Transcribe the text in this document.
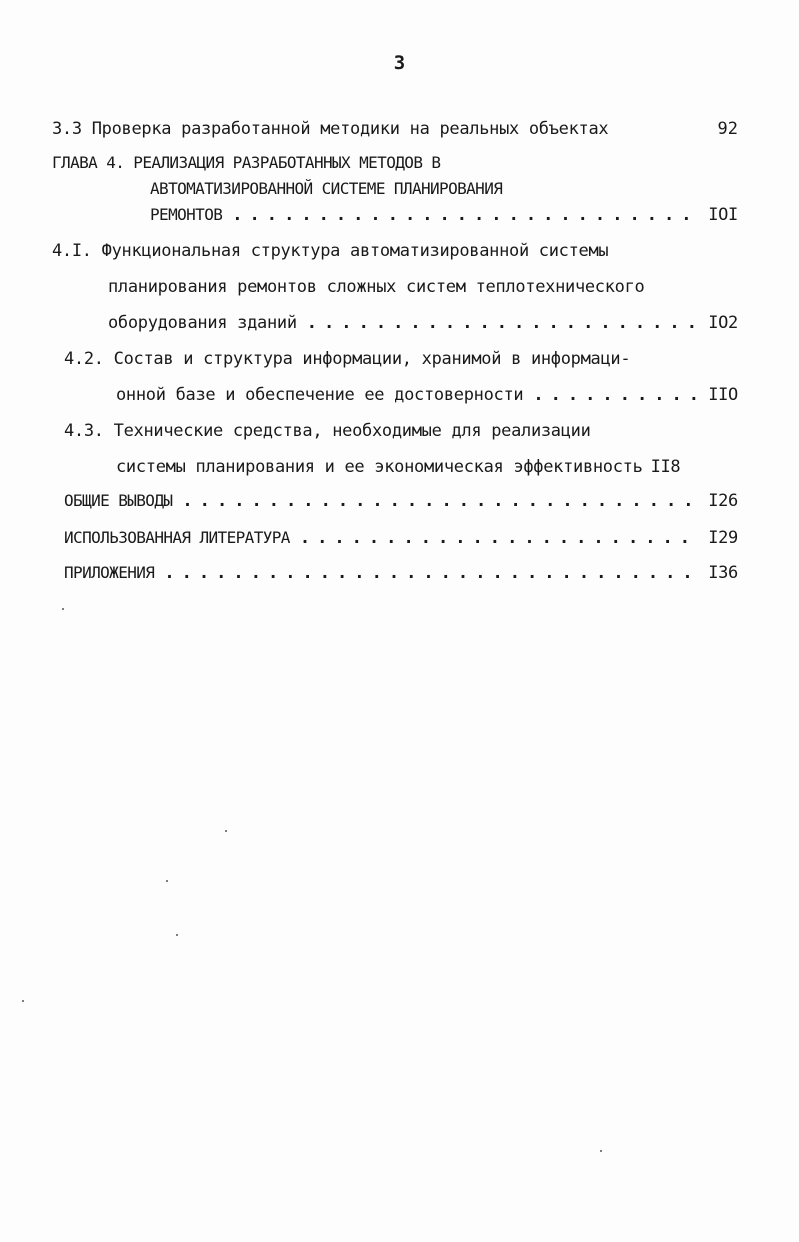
3
3.3 Проверка разработанной методики на реальных объектах	92
ГЛАВА 4. РЕАЛИЗАЦИЯ РАЗРАБОТАННЫХ МЕТОДОВ В
АВТОМАТИЗИРОВАННОЙ СИСТЕМЕ ПЛАНИРОВАНИЯ
РЕМОНТОВ . . .	IOI
4.I. Функциональная структура автоматизированной системы
планирования ремонтов сложных систем теплотехнического
оборудования зданий . . .	IO2
4.2. Состав и структура информации, хранимой в информаци-
онной базе и обеспечение ее достоверности . . .	IIO
4.3. Технические средства, необходимые для реализации
системы планирования и ее экономическая эффективность II8
ОБЩИЕ ВЫВОДЫ . . .	I26
ИСПОЛЬЗОВАННАЯ ЛИТЕРАТУРА . . .	I29
ПРИЛОЖЕНИЯ . . .	I36
